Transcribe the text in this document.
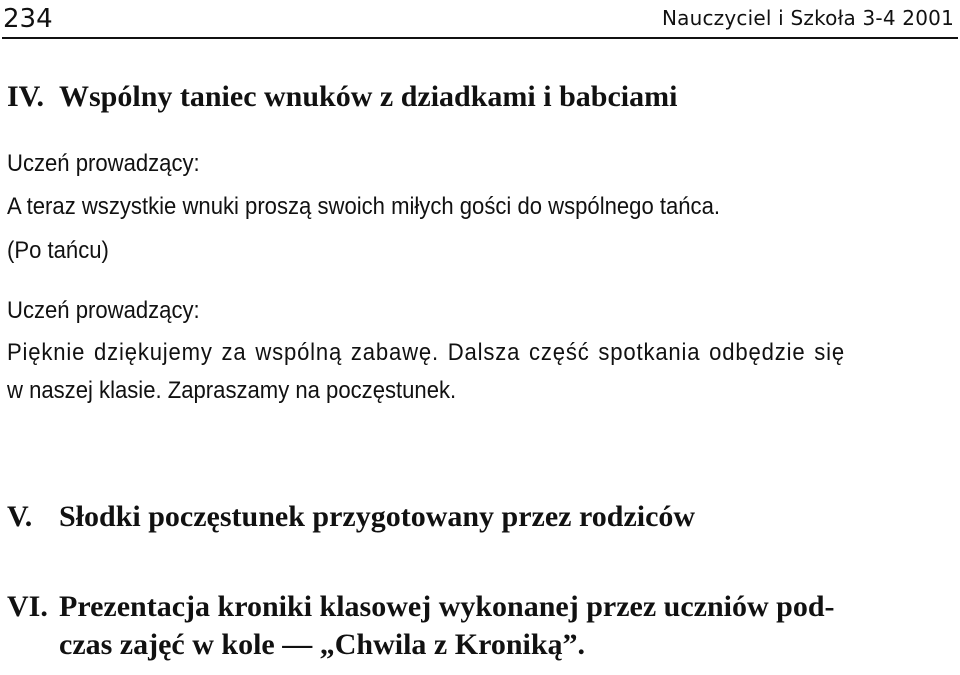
234	Nauczyciel i Szkoła 3-4 2001
IV. Wspólny taniec wnuków z dziadkami i babciami
Uczeń prowadzący:
A teraz wszystkie wnuki proszą swoich miłych gości do wspólnego tańca.
(Po tańcu)
Uczeń prowadzący:
Pięknie dziękujemy za wspólną zabawę. Dalsza część spotkania odbędzie się
w naszej klasie. Zapraszamy na poczęstunek.
V. Słodki poczęstunek przygotowany przez rodziców
VI. Prezentacja kroniki klasowej wykonanej przez uczniów pod-
czas zajęć w kole — „Chwila z Kroniką”.
